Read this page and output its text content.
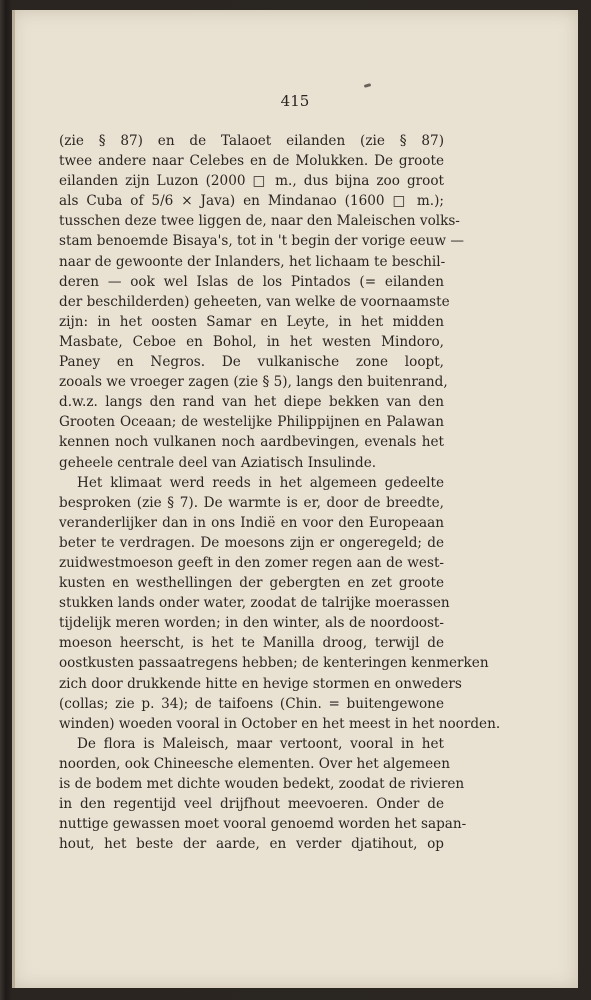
415
(zie § 87) en de Talaoet eilanden (zie § 87)
twee andere naar Celebes en de Molukken. De groote
eilanden zijn Luzon (2000 □ m., dus bijna zoo groot
als Cuba of 5/6 × Java) en Mindanao (1600 □ m.);
tusschen deze twee liggen de, naar den Maleischen volks-
stam benoemde Bisaya's, tot in 't begin der vorige eeuw —
naar de gewoonte der Inlanders, het lichaam te beschil-
deren — ook wel Islas de los Pintados (= eilanden
der beschilderden) geheeten, van welke de voornaamste
zijn: in het oosten Samar en Leyte, in het midden
Masbate, Ceboe en Bohol, in het westen Mindoro,
Paney en Negros. De vulkanische zone loopt,
zooals we vroeger zagen (zie § 5), langs den buitenrand,
d.w.z. langs den rand van het diepe bekken van den
Grooten Oceaan; de westelijke Philippijnen en Palawan
kennen noch vulkanen noch aardbevingen, evenals het
geheele centrale deel van Aziatisch Insulinde.
Het klimaat werd reeds in het algemeen gedeelte
besproken (zie § 7). De warmte is er, door de breedte,
veranderlijker dan in ons Indië en voor den Europeaan
beter te verdragen. De moesons zijn er ongeregeld; de
zuidwestmoeson geeft in den zomer regen aan de west-
kusten en westhellingen der gebergten en zet groote
stukken lands onder water, zoodat de talrijke moerassen
tijdelijk meren worden; in den winter, als de noordoost-
moeson heerscht, is het te Manilla droog, terwijl de
oostkusten passaatregens hebben; de kenteringen kenmerken
zich door drukkende hitte en hevige stormen en onweders
(collas; zie p. 34); de taifoens (Chin. = buitengewone
winden) woeden vooral in October en het meest in het noorden.
De flora is Maleisch, maar vertoont, vooral in het
noorden, ook Chineesche elementen. Over het algemeen
is de bodem met dichte wouden bedekt, zoodat de rivieren
in den regentijd veel drijfhout meevoeren. Onder de
nuttige gewassen moet vooral genoemd worden het sapan-
hout, het beste der aarde, en verder djatihout, op
